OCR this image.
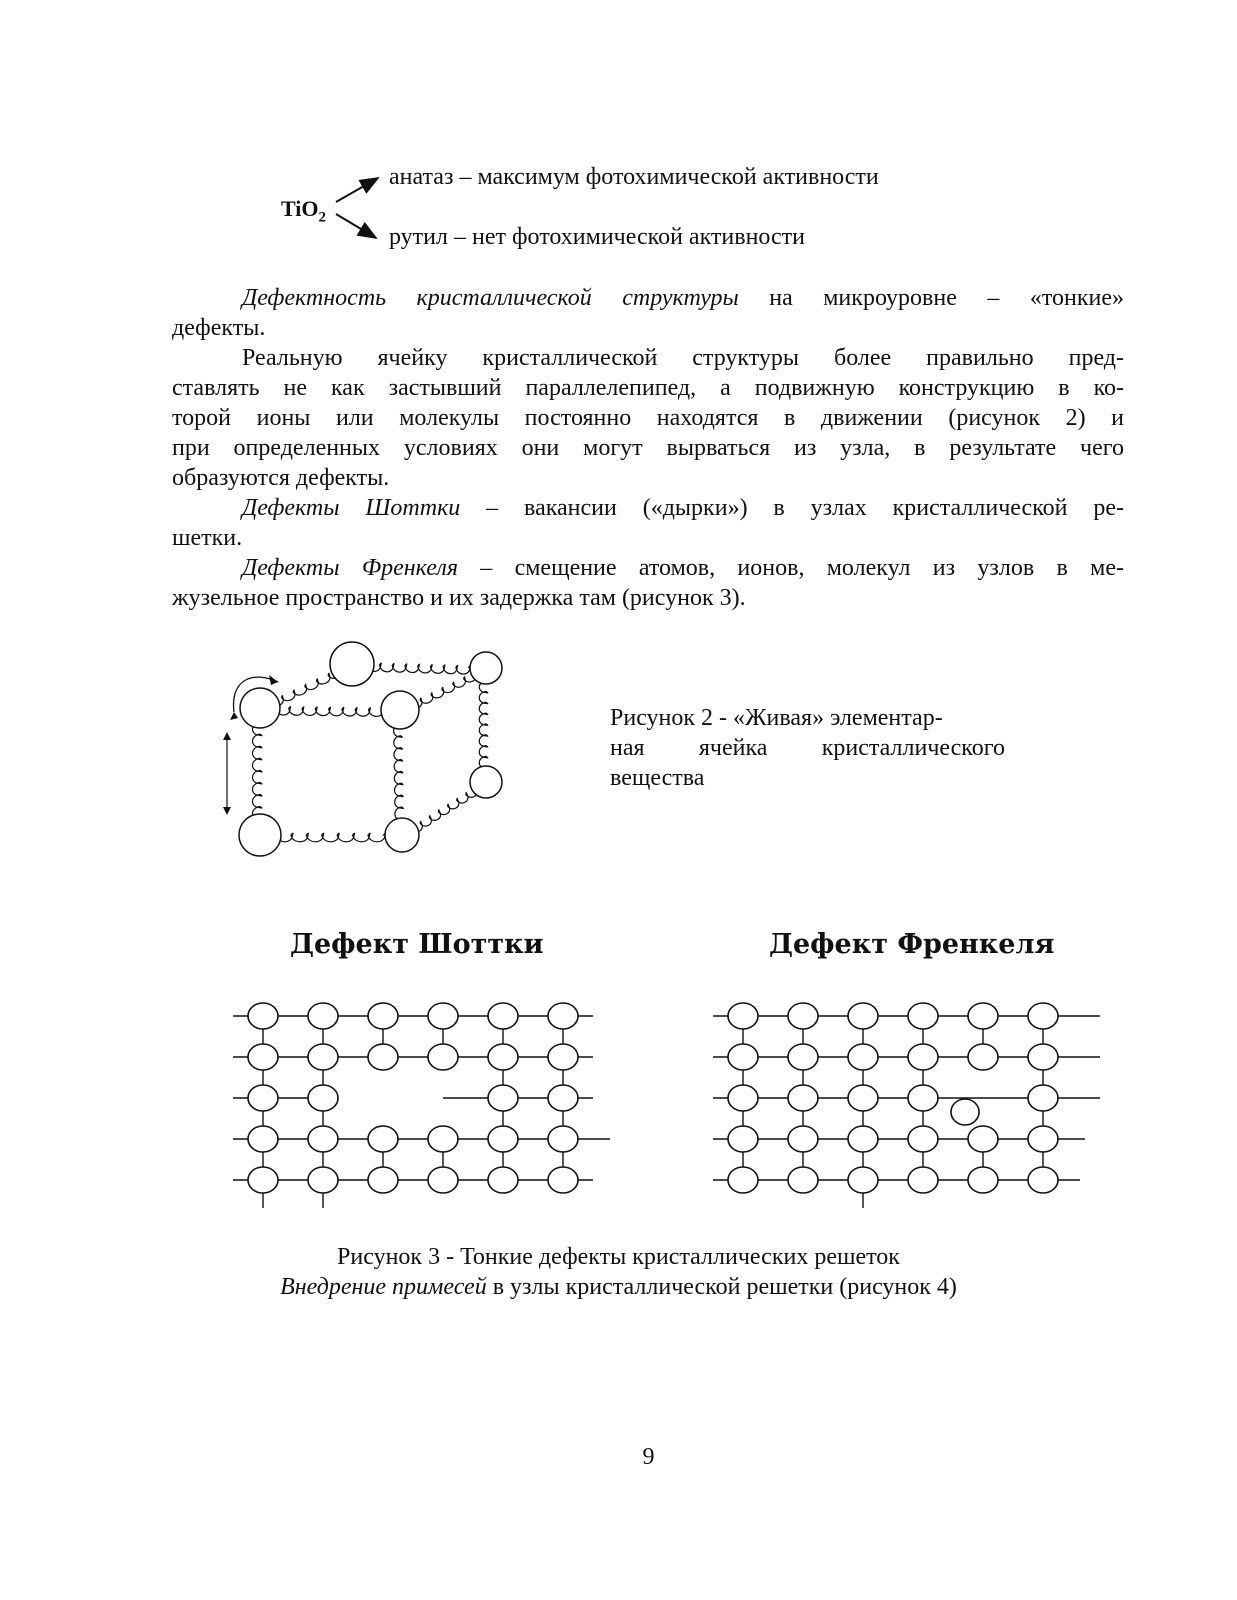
TiO$_2$
анатаз – максимум фотохимической активности
рутил – нет фотохимической активности
Дефектность кристаллической структуры на микроуровне – «тонкие»
дефекты.
Реальную ячейку кристаллической структуры более правильно пред-
ставлять не как застывший параллелепипед, а подвижную конструкцию в ко-
торой ионы или молекулы постоянно находятся в движении (рисунок 2) и
при определенных условиях они могут вырваться из узла, в результате чего
образуются дефекты.
Дефекты Шоттки – вакансии («дырки») в узлах кристаллической ре-
шетки.
Дефекты Френкеля – смещение атомов, ионов, молекул из узлов в ме-
жузельное пространство и их задержка там (рисунок 3).
Рисунок 2 - «Живая» элементар-
ная ячейка кристаллического
вещества
Дефект Шоттки	Дефект Френкеля
Рисунок 3 - Тонкие дефекты кристаллических решеток
Внедрение примесей в узлы кристаллической решетки (рисунок 4)
9
